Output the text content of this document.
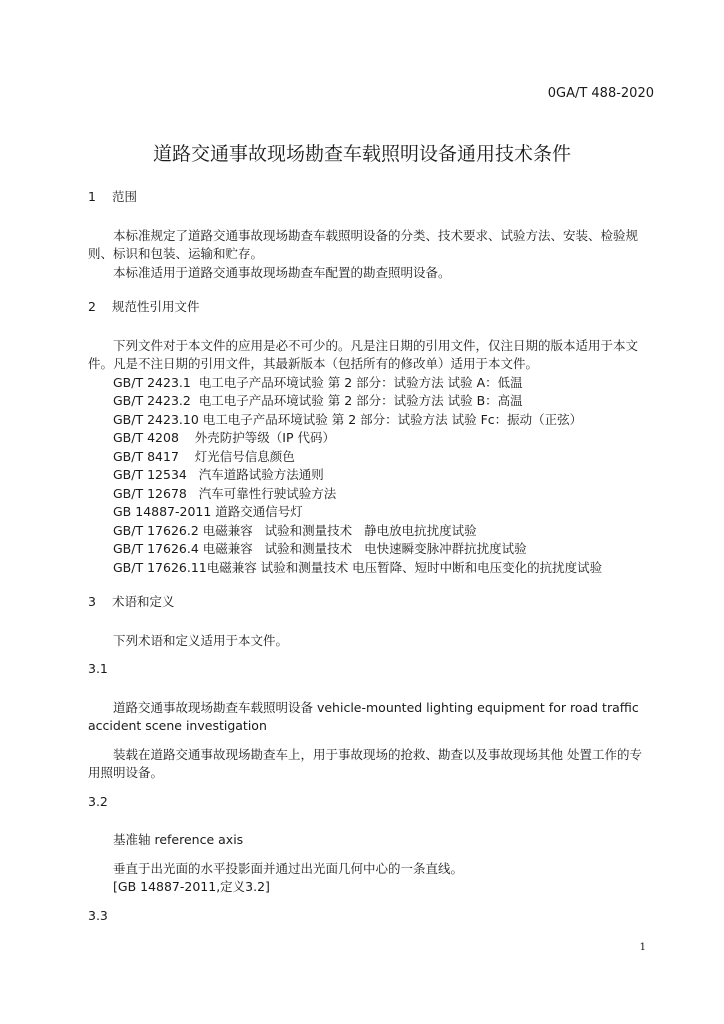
0GA/T 488-2020
道路交通事故现场勘查车载照明设备通用技术条件
1 范围

本标准规定了道路交通事故现场勘查车载照明设备的分类、技术要求、试验方法、安装、检验规则、标识和包装、运输和贮存。

本标准适用于道路交通事故现场勘查车配置的勘查照明设备。

2 规范性引用文件

下列文件对于本文件的应用是必不可少的。凡是注日期的引用文件，仅注日期的版本适用于本文件。凡是不注日期的引用文件，其最新版本（包括所有的修改单）适用于本文件。

GB/T 2423.1  电工电子产品环境试验 第 2 部分：试验方法 试验 A：低温

GB/T 2423.2  电工电子产品环境试验 第 2 部分：试验方法 试验 B：高温

GB/T 2423.10 电工电子产品环境试验 第 2 部分：试验方法 试验 Fc：振动（正弦）

GB/T 4208    外壳防护等级（IP 代码）

GB/T 8417    灯光信号信息颜色

GB/T 12534   汽车道路试验方法通则

GB/T 12678   汽车可靠性行驶试验方法

GB 14887-2011 道路交通信号灯

GB/T 17626.2 电磁兼容   试验和测量技术   静电放电抗扰度试验

GB/T 17626.4 电磁兼容   试验和测量技术   电快速瞬变脉冲群抗扰度试验

GB/T 17626.11电磁兼容 试验和测量技术 电压暂降、短时中断和电压变化的抗扰度试验

3 术语和定义

下列术语和定义适用于本文件。

3.1

道路交通事故现场勘查车载照明设备 vehicle-mounted lighting equipment for road traffic accident scene investigation

装载在道路交通事故现场勘查车上，用于事故现场的抢救、勘查以及事故现场其他 处置工作的专用照明设备。

3.2

基准轴 reference axis

垂直于出光面的水平投影面并通过出光面几何中心的一条直线。

[GB 14887-2011,定义3.2]

3.3
1
